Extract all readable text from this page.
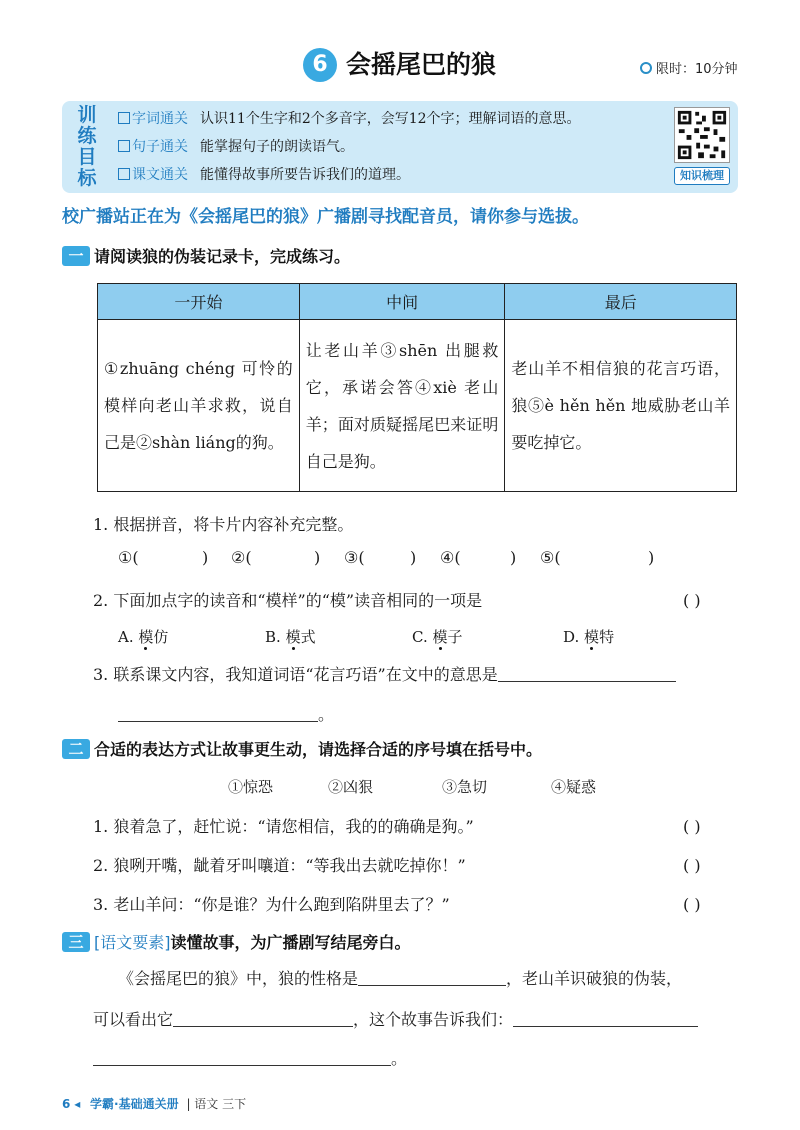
6 会摇尾巴的狼	限时：10分钟
训练目标
字词通关 认识11个生字和2个多音字，会写12个字；理解词语的意思。
句子通关 能掌握句子的朗读语气。
课文通关 能懂得故事所要告诉我们的道理。	知识梳理
校广播站正在为《会摇尾巴的狼》广播剧寻找配音员，请你参与选拔。
一 请阅读狼的伪装记录卡，完成练习。
一开始	中间	最后
①zhuāng chéng 可怜的模样向老山羊求救，说自己是②shàn liáng的狗。	让老山羊③shēn 出腿救它，承诺会答④xiè 老山羊；面对质疑摇尾巴来证明自己是狗。	老山羊不相信狼的花言巧语，狼⑤è hěn hěn 地威胁老山羊要吃掉它。
1. 根据拼音，将卡片内容补充完整。
①(	) ②(	) ③(	) ④(	) ⑤(	)
2. 下面加点字的读音和“模样”的“模”读音相同的一项是	( )
A. 模仿	B. 模式	C. 模子	D. 模特
3. 联系课文内容，我知道词语“花言巧语”在文中的意思是
。
二 合适的表达方式让故事更生动，请选择合适的序号填在括号中。
①惊恐	②凶狠	③急切	④疑惑
1. 狼着急了，赶忙说：“请您相信，我的的确确是狗。”	( )
2. 狼咧开嘴，龇着牙叫嚷道：“等我出去就吃掉你！”	( )
3. 老山羊问：“你是谁？为什么跑到陷阱里去了？”	( )
三 [语文要素]读懂故事，为广播剧写结尾旁白。
《会摇尾巴的狼》中，狼的性格是	，老山羊识破狼的伪装，
可以看出它	，这个故事告诉我们：
。
6 ◂ 学霸·基础通关册 | 语文 三下
